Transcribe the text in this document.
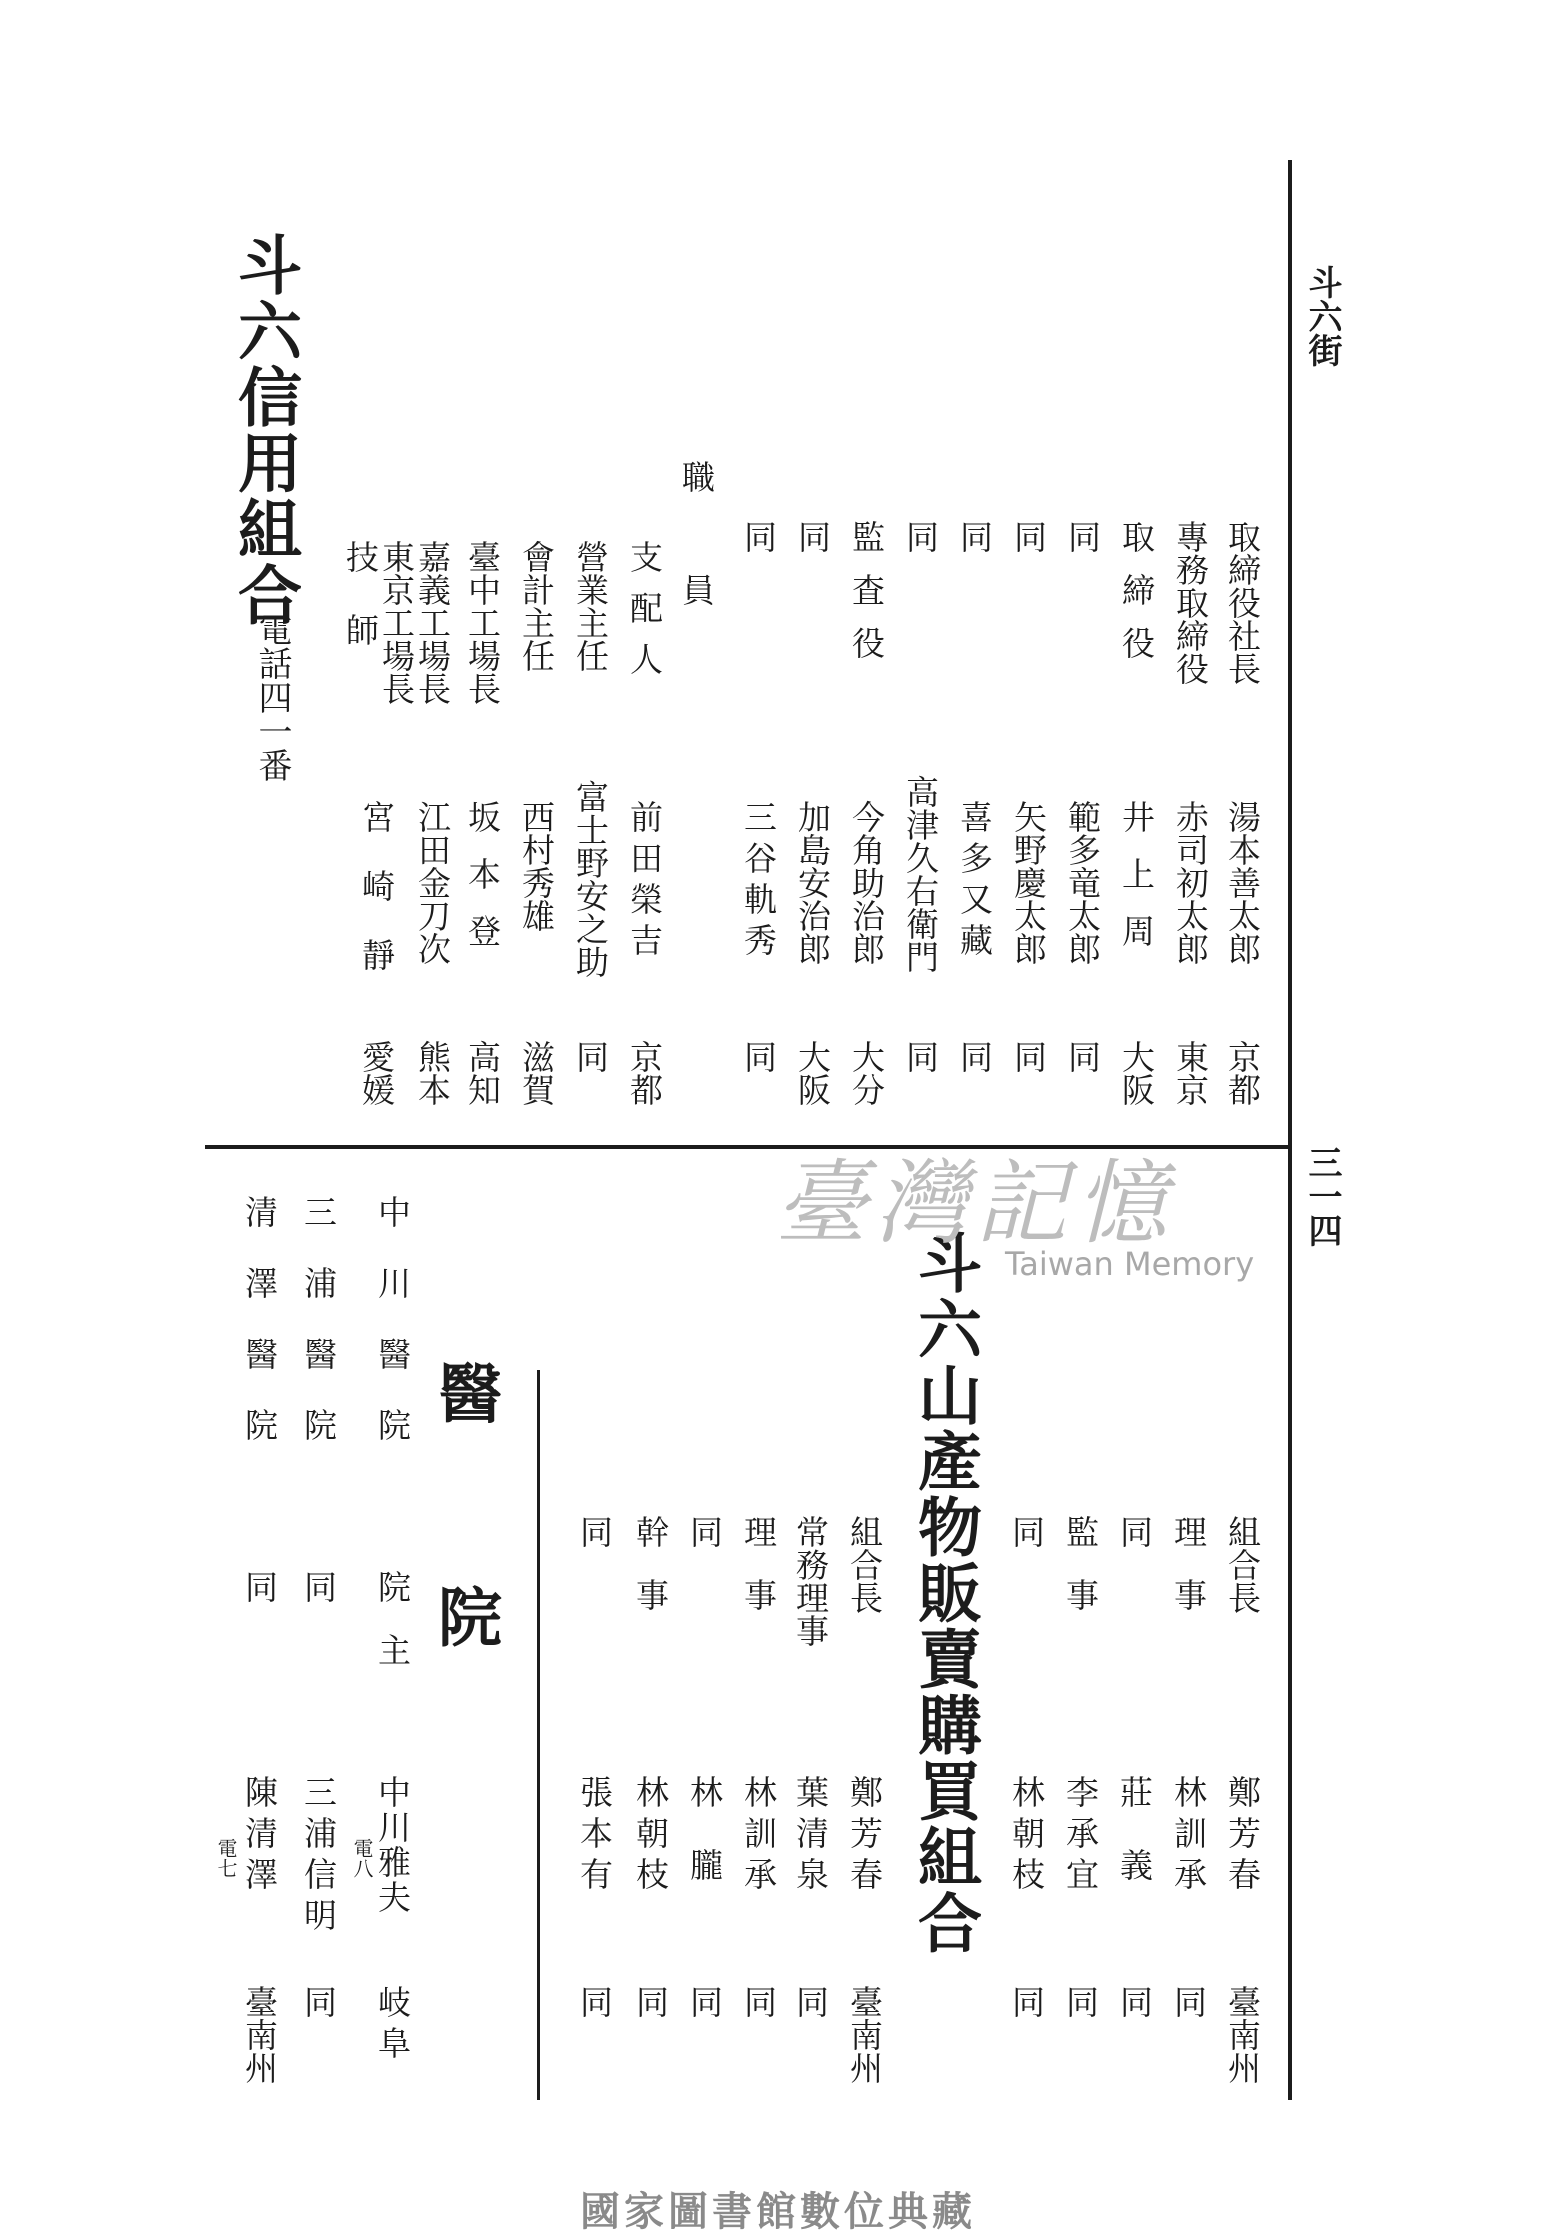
斗六街
三一四
斗六信用組合
電話四一番
取締役社長
湯本善太郎
京都
專務取締役
赤司初太郎
東京
取締役
井上周
大阪
同
範多竜太郎
同
同
矢野慶太郎
同
同
喜多又藏
同
同
高津久右衛門
同
監査役
今角助治郎
大分
同
加島安治郎
大阪
同
三谷軌秀
同
職員
支配人
前田榮吉
京都
營業主任
富士野安之助
同
會計主任
西村秀雄
滋賀
臺中工場長
坂本登
高知
嘉義工場長
江田金刀次
熊本
東京工場長
技師
宮崎靜
愛媛
斗六山產物販賣購買組合	組合長
鄭芳春
臺南州
理事
林訓承
同
同
莊義
同
監事
李承宜
同
同
林朝枝
同
組合長
鄭芳春
臺南州
常務理事
葉清泉
同
理事
林訓承
同
同
林朧
同
幹事
林朝枝
同
同
張本有
同
醫院
中川醫院
院主
中川雅夫
電八
岐阜
三浦醫院
同
三浦信明
同
清澤醫院
同
陳清澤
電七
臺南州
臺灣記憶
Taiwan Memory
國家圖書館數位典藏
